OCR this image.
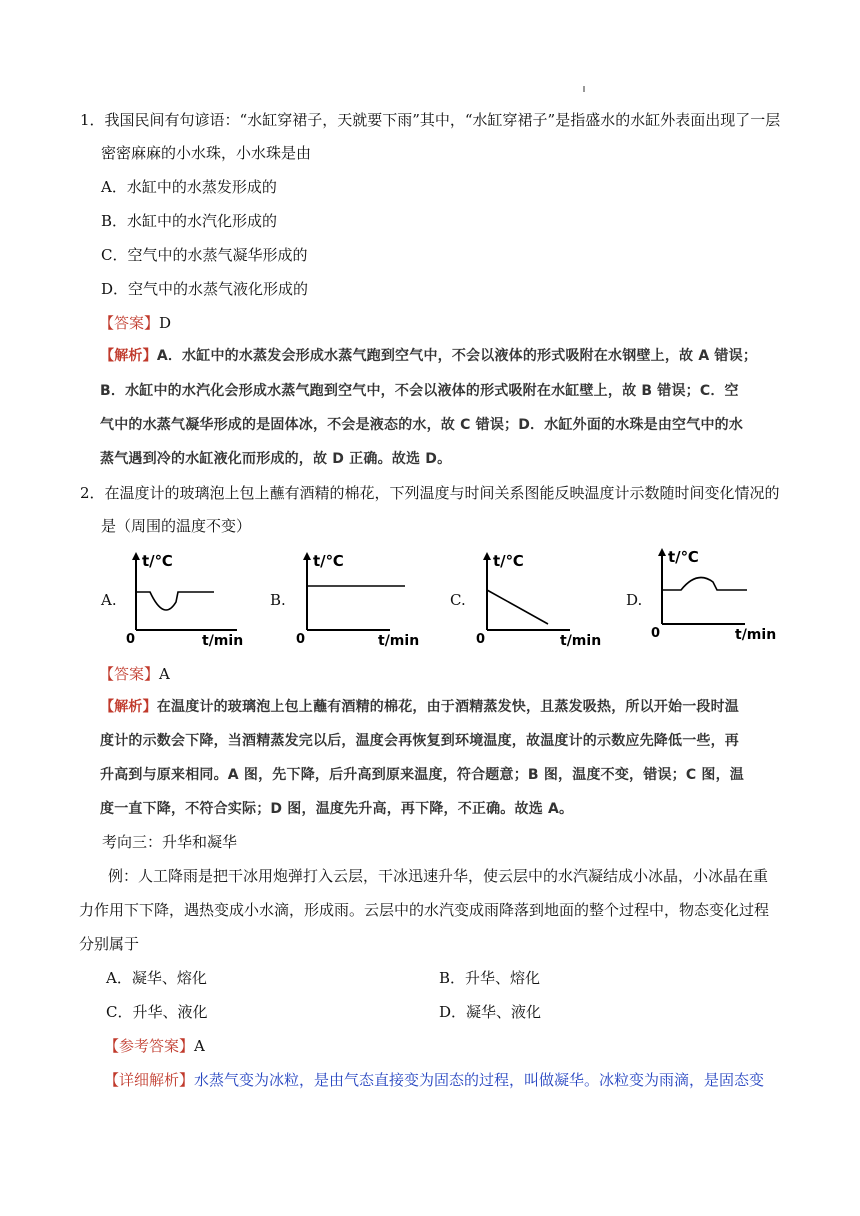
1．我国民间有句谚语：“水缸穿裙子，天就要下雨”其中，“水缸穿裙子”是指盛水的水缸外表面出现了一层
密密麻麻的小水珠，小水珠是由
A．水缸中的水蒸发形成的
B．水缸中的水汽化形成的
C．空气中的水蒸气凝华形成的
D．空气中的水蒸气液化形成的
【答案】D
【解析】A．水缸中的水蒸发会形成水蒸气跑到空气中，不会以液体的形式吸附在水钢壁上，故 A 错误；
B．水缸中的水汽化会形成水蒸气跑到空气中，不会以液体的形式吸附在水缸壁上，故 B 错误；C．空
气中的水蒸气凝华形成的是固体冰，不会是液态的水，故 C 错误；D．水缸外面的水珠是由空气中的水
蒸气遇到冷的水缸液化而形成的，故 D 正确。故选 D。
2．在温度计的玻璃泡上包上蘸有酒精的棉花，下列温度与时间关系图能反映温度计示数随时间变化情况的
是（周围的温度不变）
A.
t/℃
0	t/min
B.
t/℃
0	t/min
C.
t/℃
0	t/min
D.
t/℃
0	t/min
【答案】A
【解析】在温度计的玻璃泡上包上蘸有酒精的棉花，由于酒精蒸发快，且蒸发吸热，所以开始一段时温
度计的示数会下降，当酒精蒸发完以后，温度会再恢复到环境温度，故温度计的示数应先降低一些，再
升高到与原来相同。A 图，先下降，后升高到原来温度，符合题意；B 图，温度不变，错误；C 图，温
度一直下降，不符合实际；D 图，温度先升高，再下降，不正确。故选 A。
考向三：升华和凝华
例：人工降雨是把干冰用炮弹打入云层，干冰迅速升华，使云层中的水汽凝结成小冰晶，小冰晶在重
力作用下下降，遇热变成小水滴，形成雨。云层中的水汽变成雨降落到地面的整个过程中，物态变化过程
分别属于
A．凝华、熔化	B．升华、熔化
C．升华、液化	D．凝华、液化
【参考答案】A
【详细解析】水蒸气变为冰粒，是由气态直接变为固态的过程，叫做凝华。冰粒变为雨滴，是固态变
